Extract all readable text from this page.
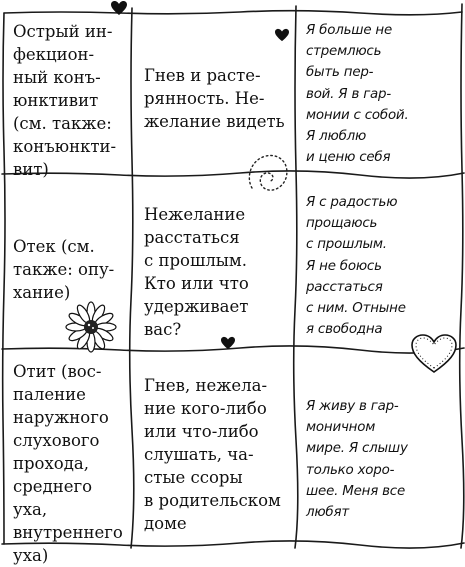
Острый ин-
фекцион-
ный конъ-
юнктивит
(см. также:
конъюнкти-
вит)
Гнев и расте-
рянность. Не-
желание видеть
Я больше не
стремлюсь
быть пер-
вой. Я в гар-
монии с собой.
Я люблю
и ценю себя
Отек (см.
также: опу-
хание)
Нежелание
расстаться
с прошлым.
Кто или что
удерживает
вас?
Я с радостью
прощаюсь
с прошлым.
Я не боюсь
расстаться
с ним. Отныне
я свободна
Отит (вос-
паление
наружного
слухового
прохода,
среднего уха,
внутреннего
уха)
Гнев, нежела-
ние кого-либо
или что-либо
слушать, ча-
стые ссоры
в родительском
доме
Я живу в гар-
моничном
мире. Я слышу
только хоро-
шее. Меня все
любят
